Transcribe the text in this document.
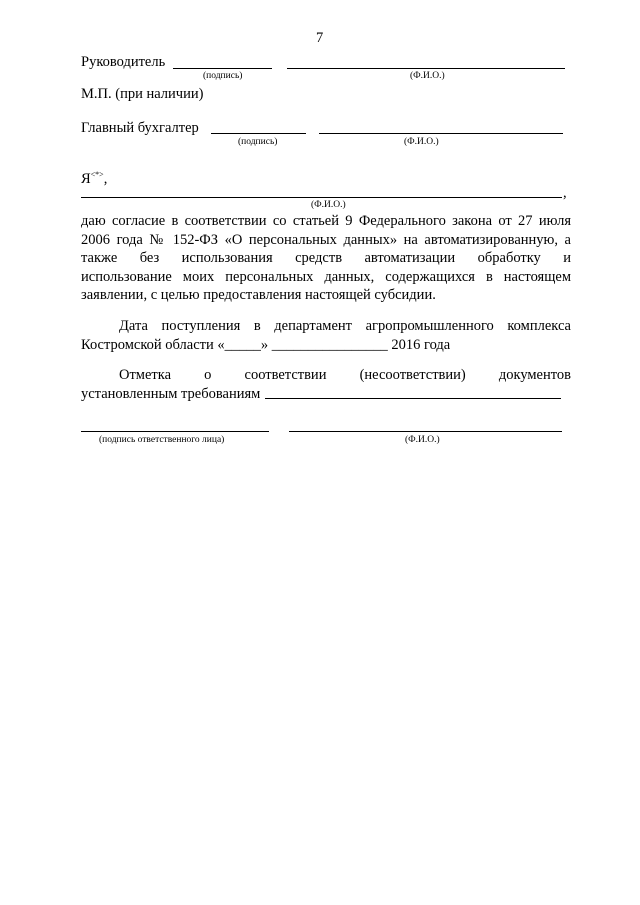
7
Руководитель
(подпись)	(Ф.И.О.)
М.П. (при наличии)
Главный бухгалтер
(подпись)	(Ф.И.О.)
Я<*>,
,
(Ф.И.О.)
даю согласие в соответствии со статьей 9 Федерального закона от 27 июля
2006 года № 152-ФЗ «О персональных данных» на автоматизированную, а
также без использования средств автоматизации обработку и
использование моих персональных данных, содержащихся в настоящем
заявлении, с целью предоставления настоящей субсидии.
Дата поступления в департамент агропромышленного комплекса
Костромской области «_____» ________________ 2016 года
Отметка о соответствии (несоответствии) документов
установленным требованиям
(подпись ответственного лица)	(Ф.И.О.)
